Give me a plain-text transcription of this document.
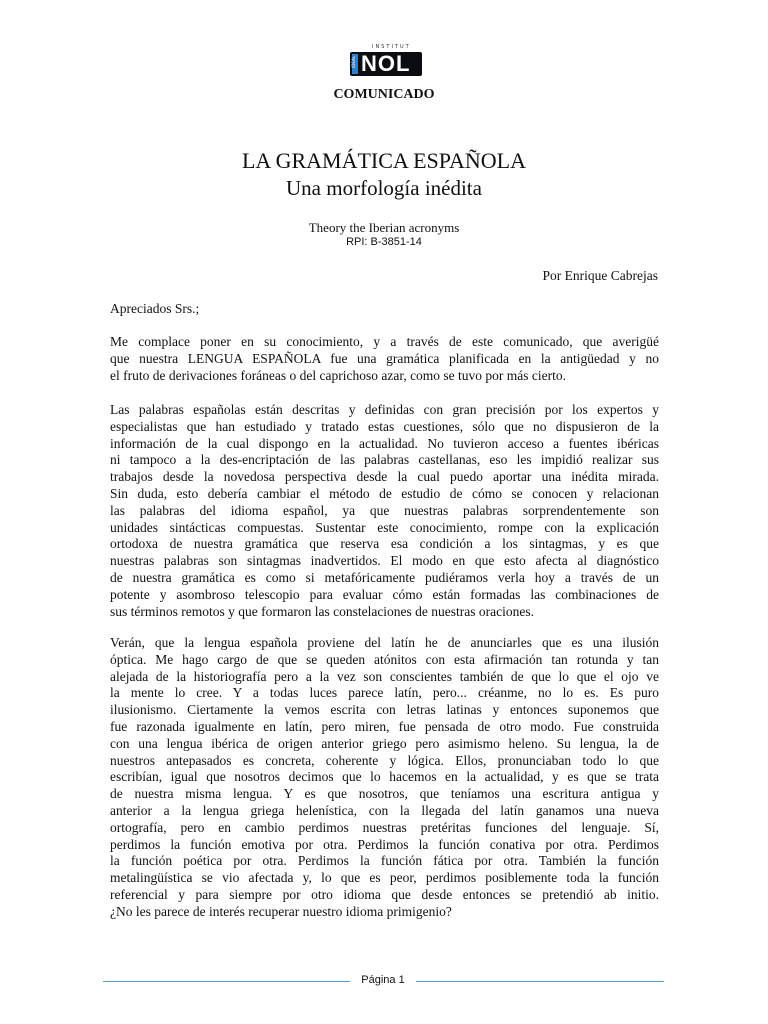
INSTITUT
IDEAL NOL
COMUNICADO
LA GRAMÁTICA ESPAÑOLA
Una morfología inédita
Theory the Iberian acronyms
RPI: B-3851-14
Por Enrique Cabrejas
Apreciados Srs.;
Me complace poner en su conocimiento, y a través de este comunicado, que averigüé
que nuestra LENGUA ESPAÑOLA fue una gramática planificada en la antigüedad y no
el fruto de derivaciones foráneas o del caprichoso azar, como se tuvo por más cierto.
Las palabras españolas están descritas y definidas con gran precisión por los expertos y
especialistas que han estudiado y tratado estas cuestiones, sólo que no dispusieron de la
información de la cual dispongo en la actualidad. No tuvieron acceso a fuentes ibéricas
ni tampoco a la des-encriptación de las palabras castellanas, eso les impidió realizar sus
trabajos desde la novedosa perspectiva desde la cual puedo aportar una inédita mirada.
Sin duda, esto debería cambiar el método de estudio de cómo se conocen y relacionan
las palabras del idioma español, ya que nuestras palabras sorprendentemente son
unidades sintácticas compuestas. Sustentar este conocimiento, rompe con la explicación
ortodoxa de nuestra gramática que reserva esa condición a los sintagmas, y es que
nuestras palabras son sintagmas inadvertidos. El modo en que esto afecta al diagnóstico
de nuestra gramática es como si metafóricamente pudiéramos verla hoy a través de un
potente y asombroso telescopio para evaluar cómo están formadas las combinaciones de
sus términos remotos y que formaron las constelaciones de nuestras oraciones.
Verán, que la lengua española proviene del latín he de anunciarles que es una ilusión
óptica. Me hago cargo de que se queden atónitos con esta afirmación tan rotunda y tan
alejada de la historiografía pero a la vez son conscientes también de que lo que el ojo ve
la mente lo cree. Y a todas luces parece latín, pero... créanme, no lo es. Es puro
ilusionismo. Ciertamente la vemos escrita con letras latinas y entonces suponemos que
fue razonada igualmente en latín, pero miren, fue pensada de otro modo. Fue construida
con una lengua ibérica de origen anterior griego pero asimismo heleno. Su lengua, la de
nuestros antepasados es concreta, coherente y lógica. Ellos, pronunciaban todo lo que
escribían, igual que nosotros decimos que lo hacemos en la actualidad, y es que se trata
de nuestra misma lengua. Y es que nosotros, que teníamos una escritura antigua y
anterior a la lengua griega helenística, con la llegada del latín ganamos una nueva
ortografía, pero en cambio perdimos nuestras pretéritas funciones del lenguaje. Sí,
perdimos la función emotiva por otra. Perdimos la función conativa por otra. Perdimos
la función poética por otra. Perdimos la función fática por otra. También la función
metalingüística se vio afectada y, lo que es peor, perdimos posiblemente toda la función
referencial y para siempre por otro idioma que desde entonces se pretendió ab initio.
¿No les parece de interés recuperar nuestro idioma primigenio?
Página 1
